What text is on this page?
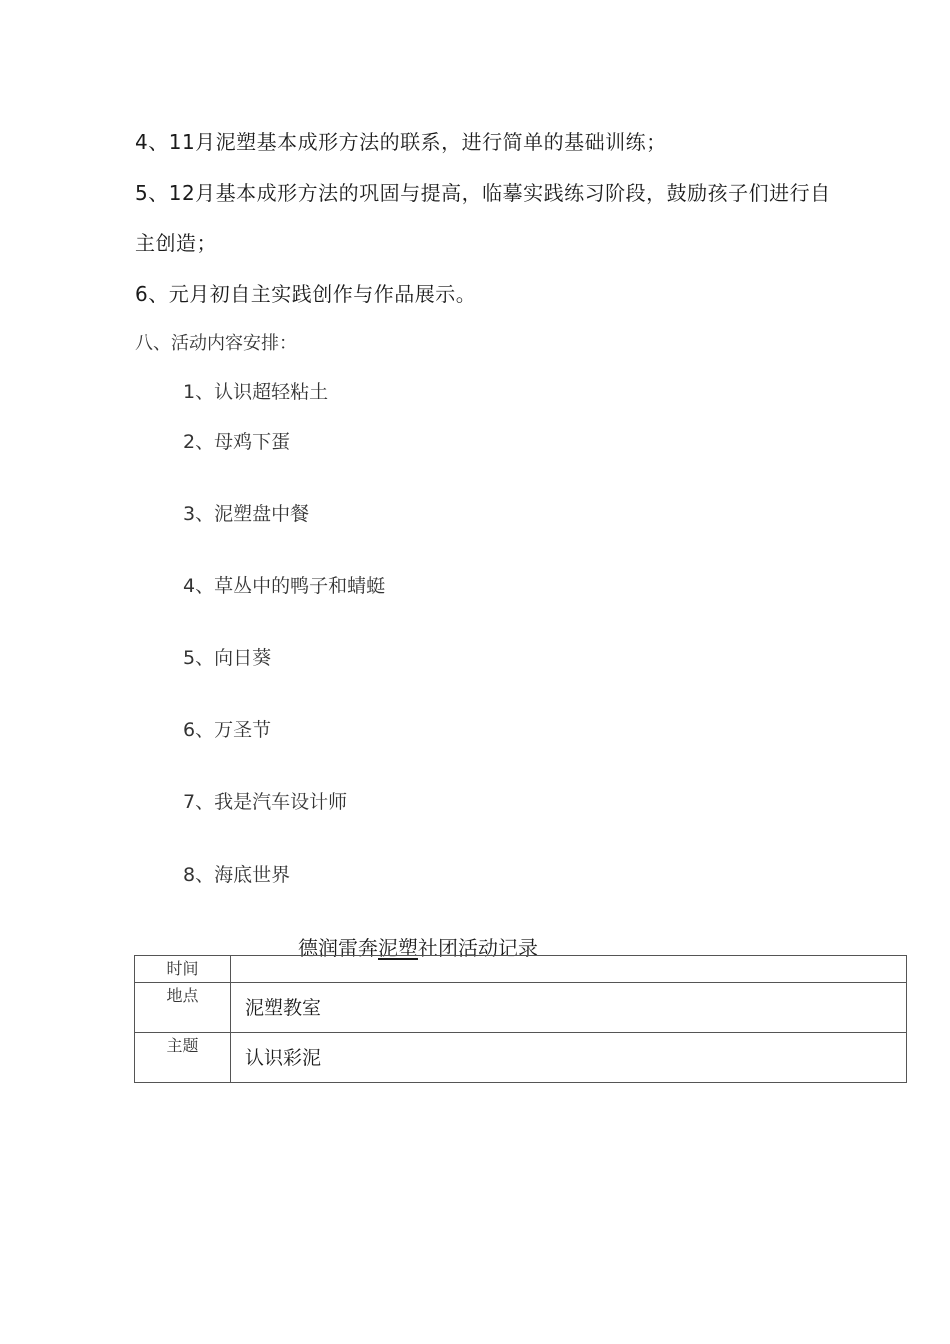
4、11月泥塑基本成形方法的联系，进行简单的基础训练；
5、12月基本成形方法的巩固与提高，临摹实践练习阶段，鼓励孩子们进行自
主创造；
6、元月初自主实践创作与作品展示。
八、活动内容安排：
1、认识超轻粘土
2、母鸡下蛋
3、泥塑盘中餐
4、草丛中的鸭子和蜻蜓
5、向日葵
6、万圣节
7、我是汽车设计师
8、海底世界
德润雷奔泥塑社团活动记录
时间	

地点	泥塑教室

主题	认识彩泥
